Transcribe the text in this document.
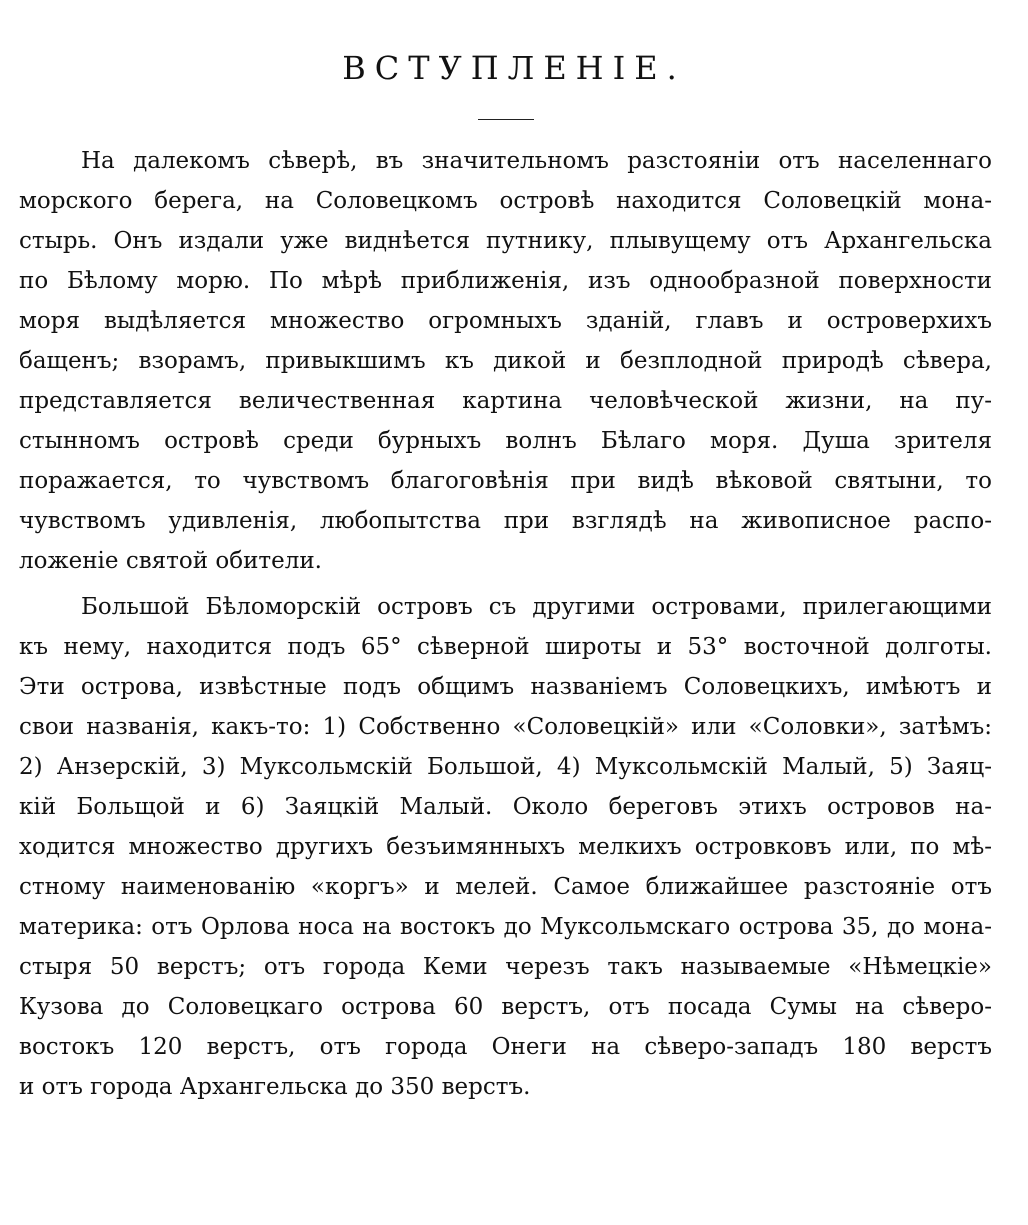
ВСТУПЛЕНІЕ.
На далекомъ сѣверѣ, въ значительномъ разстояніи отъ населеннаго
морского берега, на Соловецкомъ островѣ находится Соловецкій мона-
стырь. Онъ издали уже виднѣется путнику, плывущему отъ Архангельска
по Бѣлому морю. По мѣрѣ приближенія, изъ однообразной поверхности
моря выдѣляется множество огромныхъ зданій, главъ и островерхихъ
бащенъ; взорамъ, привыкшимъ къ дикой и безплодной природѣ сѣвера,
представляется величественная картина человѣческой жизни, на пу-
стынномъ островѣ среди бурныхъ волнъ Бѣлаго моря. Душа зрителя
поражается, то чувствомъ благоговѣнія при видѣ вѣковой святыни, то
чувствомъ удивленія, любопытства при взглядѣ на живописное распо-
ложеніе святой обители.
Большой Бѣломорскій островъ съ другими островами, прилегающими
къ нему, находится подъ 65° сѣверной широты и 53° восточной долготы.
Эти острова, извѣстные подъ общимъ названіемъ Соловецкихъ, имѣютъ и
свои названія, какъ-то: 1) Собственно «Соловецкій» или «Соловки», затѣмъ:
2) Анзерскій, 3) Муксольмскій Большой, 4) Муксольмскій Малый, 5) Заяц-
кій Больщой и 6) Заяцкій Малый. Около береговъ этихъ островов на-
ходится множество другихъ безъимянныхъ мелкихъ островковъ или, по мѣ-
стному наименованію «коргъ» и мелей. Самое ближайшее разстояніе отъ
материка: отъ Орлова носа на востокъ до Муксольмскаго острова 35, до мона-
стыря 50 верстъ; отъ города Кеми черезъ такъ называемые «Нѣмецкіе»
Кузова до Соловецкаго острова 60 верстъ, отъ посада Сумы на сѣверо-
востокъ 120 верстъ, отъ города Онеги на сѣверо-западъ 180 верстъ
и отъ города Архангельска до 350 верстъ.
